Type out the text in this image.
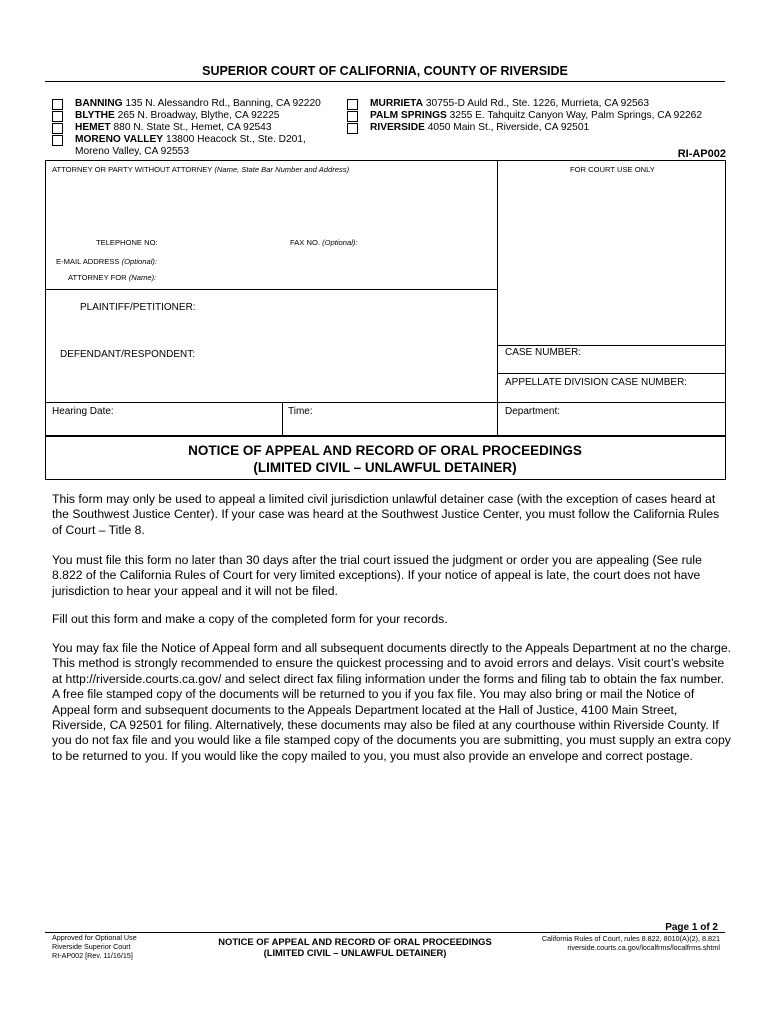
SUPERIOR COURT OF CALIFORNIA, COUNTY OF RIVERSIDE
BANNING 135 N. Alessandro Rd., Banning, CA 92220
BLYTHE 265 N. Broadway, Blythe, CA 92225
HEMET 880 N. State St., Hemet, CA 92543
MORENO VALLEY 13800 Heacock St., Ste. D201,
Moreno Valley, CA 92553
MURRIETA 30755-D Auld Rd., Ste. 1226, Murrieta, CA 92563
PALM SPRINGS 3255 E. Tahquitz Canyon Way, Palm Springs, CA 92262
RIVERSIDE 4050 Main St., Riverside, CA 92501
RI-AP002
ATTORNEY OR PARTY WITHOUT ATTORNEY (Name, State Bar Number and Address)	FOR COURT USE ONLY
TELEPHONE NO:	FAX NO. (Optional):
E-MAIL ADDRESS (Optional):
ATTORNEY FOR (Name):
PLAINTIFF/PETITIONER:
DEFENDANT/RESPONDENT:	CASE NUMBER:
APPELLATE DIVISION CASE NUMBER:
Hearing Date:	Time:	Department:
NOTICE OF APPEAL AND RECORD OF ORAL PROCEEDINGS
(LIMITED CIVIL – UNLAWFUL DETAINER)
This form may only be used to appeal a limited civil jurisdiction unlawful detainer case (with the exception of cases heard at the Southwest Justice Center). If your case was heard at the Southwest Justice Center, you must follow the California Rules of Court – Title 8.
You must file this form no later than 30 days after the trial court issued the judgment or order you are appealing (See rule 8.822 of the California Rules of Court for very limited exceptions). If your notice of appeal is late, the court does not have jurisdiction to hear your appeal and it will not be filed.
Fill out this form and make a copy of the completed form for your records.
You may fax file the Notice of Appeal form and all subsequent documents directly to the Appeals Department at no the charge. This method is strongly recommended to ensure the quickest processing and to avoid errors and delays. Visit court’s website at http://riverside.courts.ca.gov/ and select direct fax filing information under the forms and filing tab to obtain the fax number. A free file stamped copy of the documents will be returned to you if you fax file. You may also bring or mail the Notice of Appeal form and subsequent documents to the Appeals Department located at the Hall of Justice, 4100 Main Street, Riverside, CA 92501 for filing. Alternatively, these documents may also be filed at any courthouse within Riverside County. If you do not fax file and you would like a file stamped copy of the documents you are submitting, you must supply an extra copy to be returned to you. If you would like the copy mailed to you, you must also provide an envelope and correct postage.
Page 1 of 2
Approved for Optional Use
Riverside Superior Court
RI-AP002 [Rev. 11/16/15]
NOTICE OF APPEAL AND RECORD OF ORAL PROCEEDINGS
(LIMITED CIVIL – UNLAWFUL DETAINER)
California Rules of Court, rules 8.822, 8010(A)(2), 8.821
riverside.courts.ca.gov/localfrms/localfrms.shtml
